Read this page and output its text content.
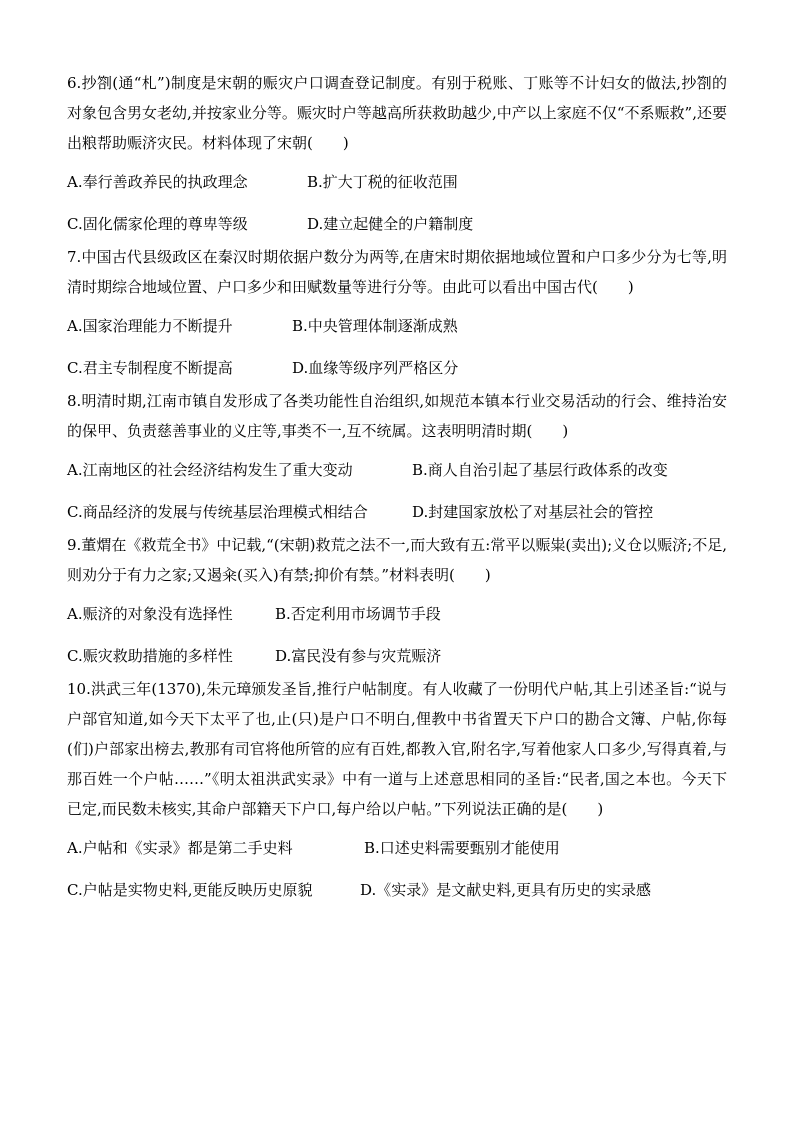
6.抄劄(通“札”)制度是宋朝的赈灾户口调查登记制度。有别于税账、丁账等不计妇女的做法,抄劄的对象包含男女老幼,并按家业分等。赈灾时户等越高所获救助越少,中产以上家庭不仅“不系赈救”,还要出粮帮助赈济灾民。材料体现了宋朝(　　)

A.奉行善政养民的执政理念	B.扩大丁税的征收范围
C.固化儒家伦理的尊卑等级	D.建立起健全的户籍制度

7.中国古代县级政区在秦汉时期依据户数分为两等,在唐宋时期依据地域位置和户口多少分为七等,明清时期综合地域位置、户口多少和田赋数量等进行分等。由此可以看出中国古代(　　)

A.国家治理能力不断提升	B.中央管理体制逐渐成熟
C.君主专制程度不断提高	D.血缘等级序列严格区分

8.明清时期,江南市镇自发形成了各类功能性自治组织,如规范本镇本行业交易活动的行会、维持治安的保甲、负责慈善事业的义庄等,事类不一,互不统属。这表明明清时期(　　)

A.江南地区的社会经济结构发生了重大变动	B.商人自治引起了基层行政体系的改变
C.商品经济的发展与传统基层治理模式相结合	D.封建国家放松了对基层社会的管控

9.董煟在《救荒全书》中记载,“(宋朝)救荒之法不一,而大致有五:常平以赈粜(卖出);义仓以赈济;不足,则劝分于有力之家;又遏籴(买入)有禁;抑价有禁。”材料表明(　　)

A.赈济的对象没有选择性	B.否定利用市场调节手段
C.赈灾救助措施的多样性	D.富民没有参与灾荒赈济

10.洪武三年(1370),朱元璋颁发圣旨,推行户帖制度。有人收藏了一份明代户帖,其上引述圣旨:“说与户部官知道,如今天下太平了也,止(只)是户口不明白,俚教中书省置天下户口的勘合文簿、户帖,你每(们)户部家出榜去,教那有司官将他所管的应有百姓,都教入官,附名字,写着他家人口多少,写得真着,与那百姓一个户帖……”《明太祖洪武实录》中有一道与上述意思相同的圣旨:“民者,国之本也。今天下已定,而民数未核实,其命户部籍天下户口,每户给以户帖。”下列说法正确的是(　　)

A.户帖和《实录》都是第二手史料	B.口述史料需要甄别才能使用
C.户帖是实物史料,更能反映历史原貌	D.《实录》是文献史料,更具有历史的实录感
